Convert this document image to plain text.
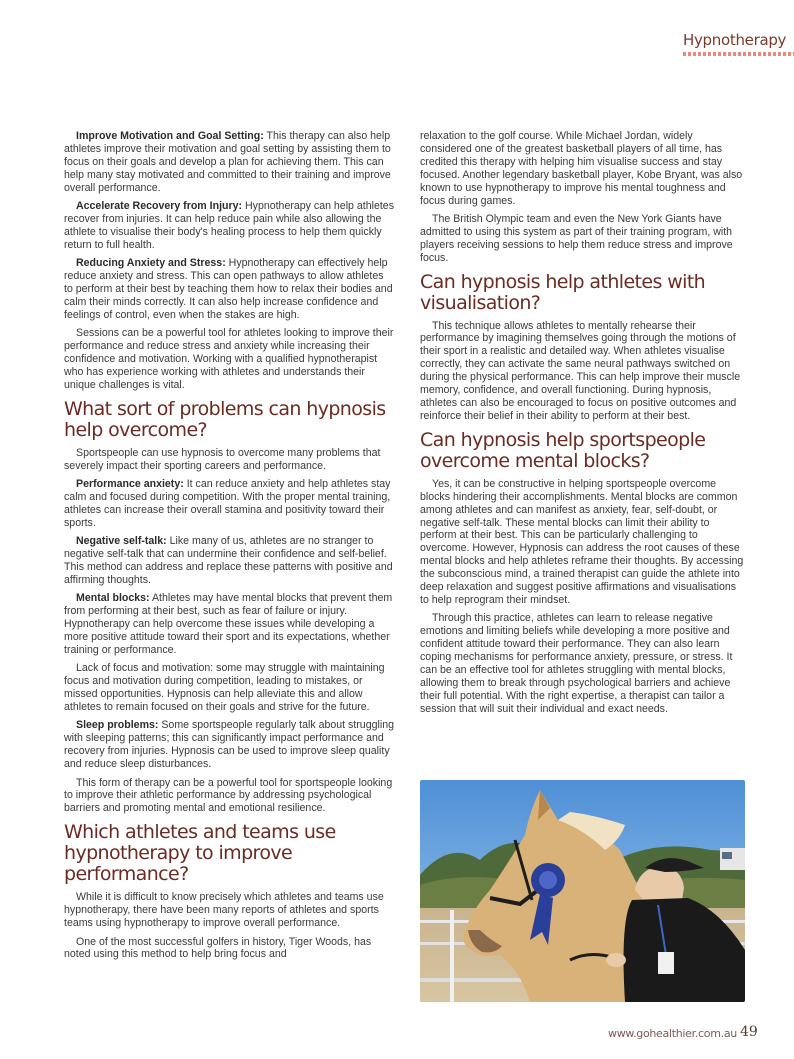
Hypnotherapy

Improve Motivation and Goal Setting: This therapy can also help athletes improve their motivation and goal setting by assisting them to focus on their goals and develop a plan for achieving them. This can help many stay motivated and committed to their training and improve overall performance.

Accelerate Recovery from Injury: Hypnotherapy can help athletes recover from injuries. It can help reduce pain while also allowing the athlete to visualise their body's healing process to help them quickly return to full health.

Reducing Anxiety and Stress: Hypnotherapy can effectively help reduce anxiety and stress. This can open pathways to allow athletes to perform at their best by teaching them how to relax their bodies and calm their minds correctly. It can also help increase confidence and feelings of control, even when the stakes are high.

Sessions can be a powerful tool for athletes looking to improve their performance and reduce stress and anxiety while increasing their confidence and motivation. Working with a qualified hypnotherapist who has experience working with athletes and understands their unique challenges is vital.

What sort of problems can hypnosis help overcome?

Sportspeople can use hypnosis to overcome many problems that severely impact their sporting careers and performance.

Performance anxiety: It can reduce anxiety and help athletes stay calm and focused during competition. With the proper mental training, athletes can increase their overall stamina and positivity toward their sports.

Negative self-talk: Like many of us, athletes are no stranger to negative self-talk that can undermine their confidence and self-belief. This method can address and replace these patterns with positive and affirming thoughts.

Mental blocks: Athletes may have mental blocks that prevent them from performing at their best, such as fear of failure or injury. Hypnotherapy can help overcome these issues while developing a more positive attitude toward their sport and its expectations, whether training or performance.

Lack of focus and motivation: some may struggle with maintaining focus and motivation during competition, leading to mistakes, or missed opportunities. Hypnosis can help alleviate this and allow athletes to remain focused on their goals and strive for the future.

Sleep problems: Some sportspeople regularly talk about struggling with sleeping patterns; this can significantly impact performance and recovery from injuries. Hypnosis can be used to improve sleep quality and reduce sleep disturbances.

This form of therapy can be a powerful tool for sportspeople looking to improve their athletic performance by addressing psychological barriers and promoting mental and emotional resilience.

Which athletes and teams use hypnotherapy to improve performance?

While it is difficult to know precisely which athletes and teams use hypnotherapy, there have been many reports of athletes and sports teams using hypnotherapy to improve overall performance.

One of the most successful golfers in history, Tiger Woods, has noted using this method to help bring focus and

relaxation to the golf course. While Michael Jordan, widely considered one of the greatest basketball players of all time, has credited this therapy with helping him visualise success and stay focused. Another legendary basketball player, Kobe Bryant, was also known to use hypnotherapy to improve his mental toughness and focus during games.

The British Olympic team and even the New York Giants have admitted to using this system as part of their training program, with players receiving sessions to help them reduce stress and improve focus.

Can hypnosis help athletes with visualisation?

This technique allows athletes to mentally rehearse their performance by imagining themselves going through the motions of their sport in a realistic and detailed way. When athletes visualise correctly, they can activate the same neural pathways switched on during the physical performance. This can help improve their muscle memory, confidence, and overall functioning. During hypnosis, athletes can also be encouraged to focus on positive outcomes and reinforce their belief in their ability to perform at their best.

Can hypnosis help sportspeople overcome mental blocks?

Yes, it can be constructive in helping sportspeople overcome blocks hindering their accomplishments. Mental blocks are common among athletes and can manifest as anxiety, fear, self-doubt, or negative self-talk. These mental blocks can limit their ability to perform at their best. This can be particularly challenging to overcome. However, Hypnosis can address the root causes of these mental blocks and help athletes reframe their thoughts. By accessing the subconscious mind, a trained therapist can guide the athlete into deep relaxation and suggest positive affirmations and visualisations to help reprogram their mindset.

Through this practice, athletes can learn to release negative emotions and limiting beliefs while developing a more positive and confident attitude toward their performance. They can also learn coping mechanisms for performance anxiety, pressure, or stress. It can be an effective tool for athletes struggling with mental blocks, allowing them to break through psychological barriers and achieve their full potential. With the right expertise, a therapist can tailor a session that will suit their individual and exact needs.

www.gohealthier.com.au 49
